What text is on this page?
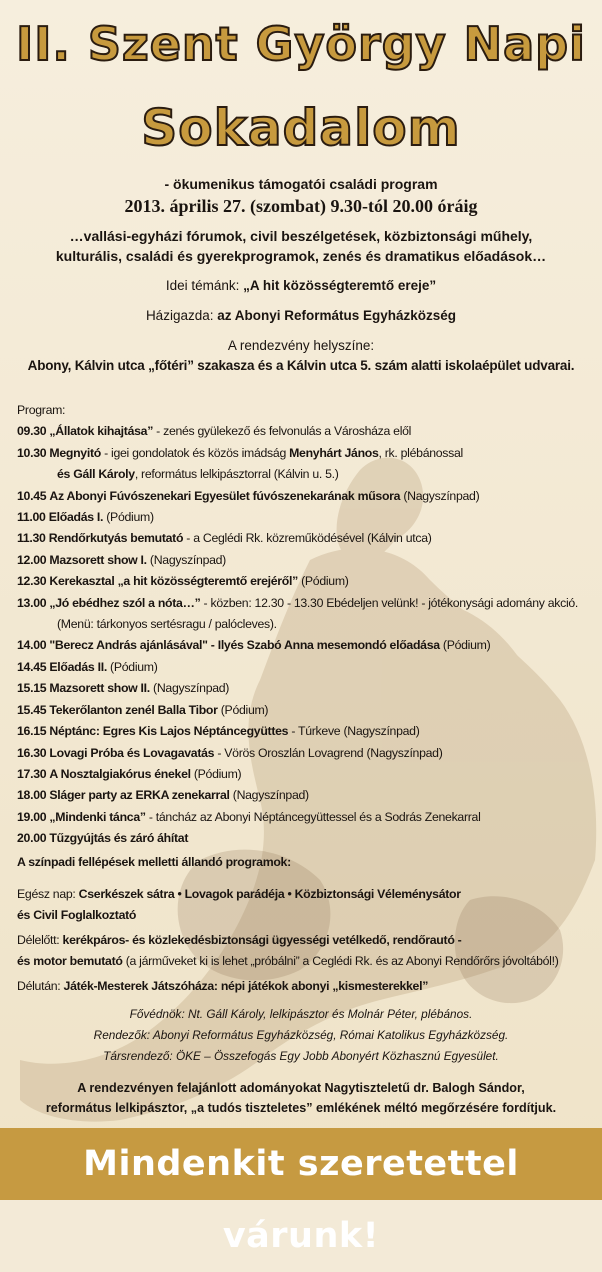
II. Szent György Napi
Sokadalom
- ökumenikus támogatói családi program
2013. április 27. (szombat) 9.30-tól 20.00 óráig
…vallási-egyházi fórumok, civil beszélgetések, közbiztonsági műhely,
kulturális, családi és gyerekprogramok, zenés és dramatikus előadások…
Idei témánk: „A hit közösségteremtő ereje”
Házigazda: az Abonyi Református Egyházközség
A rendezvény helyszíne:
Abony, Kálvin utca „főtéri” szakasza és a Kálvin utca 5. szám alatti iskolaépület udvarai.
Program:
09.30 „Állatok kihajtása” - zenés gyülekező és felvonulás a Városháza elől
10.30 Megnyitó - igei gondolatok és közös imádság Menyhárt János, rk. plébánossal
és Gáll Károly, református lelkipásztorral (Kálvin u. 5.)
10.45 Az Abonyi Fúvószenekari Egyesület fúvószenekarának műsora (Nagyszínpad)
11.00 Előadás I. (Pódium)
11.30 Rendőrkutyás bemutató - a Ceglédi Rk. közreműködésével (Kálvin utca)
12.00 Mazsorett show I. (Nagyszínpad)
12.30 Kerekasztal „a hit közösségteremtő erejéről” (Pódium)
13.00 „Jó ebédhez szól a nóta…” - közben: 12.30 - 13.30 Ebédeljen velünk! - jótékonysági adomány akció.
(Menü: tárkonyos sertésragu / palócleves).
14.00 "Berecz András ajánlásával" - Ilyés Szabó Anna mesemondó előadása (Pódium)
14.45 Előadás II. (Pódium)
15.15 Mazsorett show II. (Nagyszínpad)
15.45 Tekerőlanton zenél Balla Tibor (Pódium)
16.15 Néptánc: Egres Kis Lajos Néptáncegyüttes - Túrkeve (Nagyszínpad)
16.30 Lovagi Próba és Lovagavatás - Vörös Oroszlán Lovagrend (Nagyszínpad)
17.30 A Nosztalgiakórus énekel (Pódium)
18.00 Sláger party az ERKA zenekarral (Nagyszínpad)
19.00 „Mindenki tánca” - táncház az Abonyi Néptáncegyüttessel és a Sodrás Zenekarral
20.00 Tűzgyújtás és záró áhítat
A színpadi fellépések melletti állandó programok:
Egész nap: Cserkészek sátra • Lovagok parádéja • Közbiztonsági Véleménysátor
és Civil Foglalkoztató
Délelőtt: kerékpáros- és közlekedésbiztonsági ügyességi vetélkedő, rendőrautó -
és motor bemutató (a járműveket ki is lehet „próbálni” a Ceglédi Rk. és az Abonyi Rendőrőrs jóvoltából!)
Délután: Játék-Mesterek Játszóháza: népi játékok abonyi „kismesterekkel”
Fővédnök: Nt. Gáll Károly, lelkipásztor és Molnár Péter, plébános.
Rendezők: Abonyi Református Egyházközség, Római Katolikus Egyházközség.
Társrendező: ÖKE – Összefogás Egy Jobb Abonyért Közhasznú Egyesület.
A rendezvényen felajánlott adományokat Nagytiszteletű dr. Balogh Sándor,
református lelkipásztor, „a tudós tiszteletes” emlékének méltó megőrzésére fordítjuk.
Mindenkit szeretettel várunk!
